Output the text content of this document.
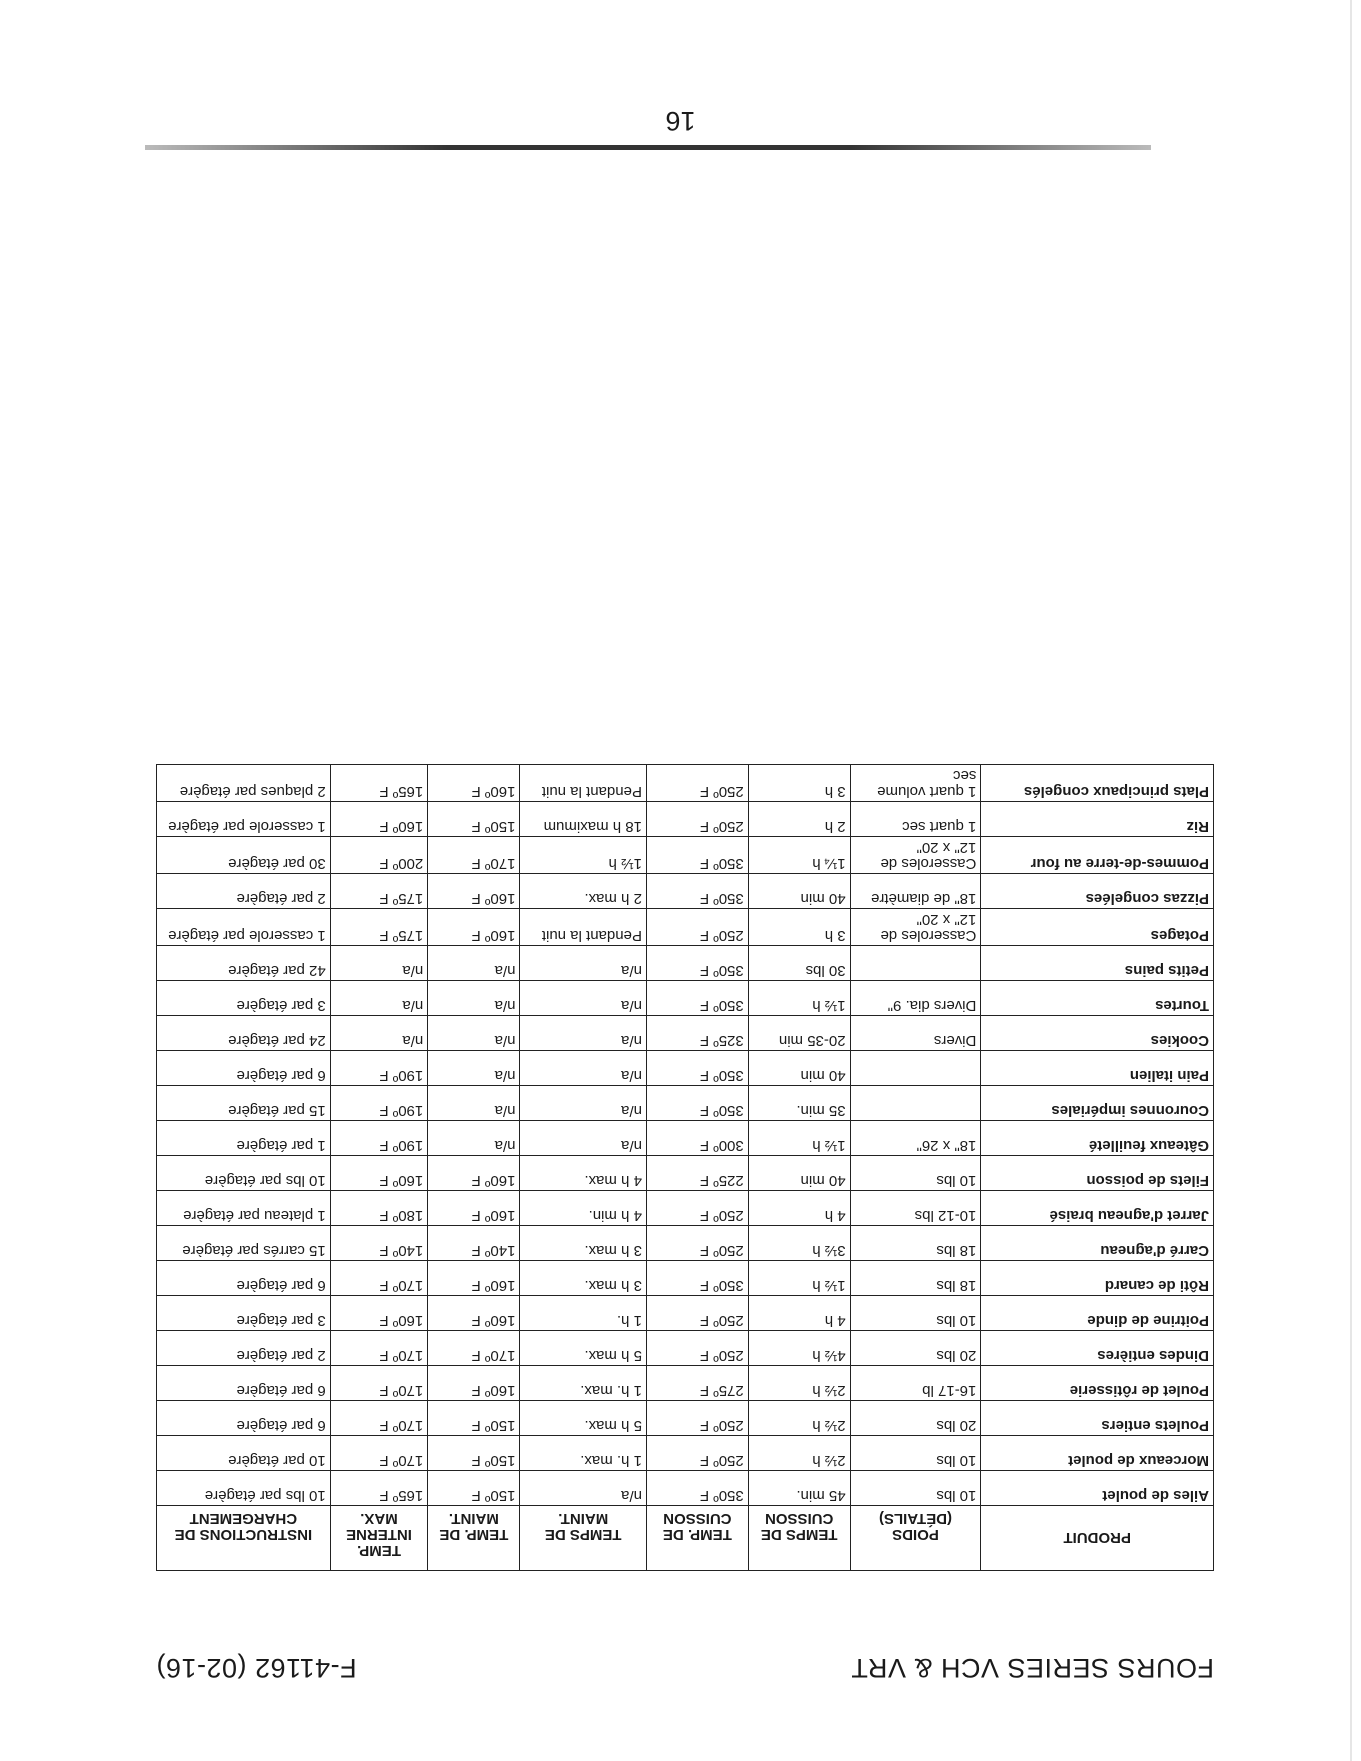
FOURS SERIES VCH & VRT
F-41162 (02-16)
PRODUIT	POIDS (DÉTAILS)	TEMPS DE CUISSON	TEMP. DE CUISSON	TEMPS DE MAINT.	TEMP. DE MAINT.	TEMP. INTERNE MAX.	INSTRUCTIONS DE CHARGEMENT
Ailes de poulet	10 lbs	45 min.	350º F	n/a	150º F	165º F	10 lbs par étagère
Morceaux de poulet	10 lbs	2½ h	250º F	1 h. max.	150º F	170º F	10 par étagère
Poulets entiers	20 lbs	2½ h	250º F	5 h max.	150º F	170º F	6 par étagère
Poulet de rôtisserie	16-17 lb	2½ h	275º F	1 h. max.	160º F	170º F	6 par étagère
Dindes entières	20 lbs	4½ h	250º F	5 h max.	170º F	170º F	2 par étagère
Poitrine de dinde	10 lbs	4 h	250º F	1 h.	160º F	160º F	3 par étagère
Rôti de canard	18 lbs	1½ h	350º F	3 h max.	160º F	170º F	6 par étagère
Carré d'agneau	18 lbs	3½ h	250º F	3 h max.	140º F	140º F	15 carrés par étagère
Jarret d'agneau braisé	10-12 lbs	4 h	250º F	4 h min.	160º F	180º F	1 plateau par étagère
Filets de poisson	10 lbs	40 min	225º F	4 h max.	160º F	160º F	10 lbs par étagère
Gâteaux feuilleté	18" x 26"	1½ h	300º F	n/a	n/a	190º F	1 par étagère
Couronnes impériales		35 min.	350º F	n/a	n/a	190º F	15 par étagère
Pain italien		40 min	350º F	n/a	n/a	190º F	6 par étagère
Cookies	Divers	20-35 min	325º F	n/a	n/a	n/a	24 par étagère
Tourtes	Divers dia. 9"	1½ h	350º F	n/a	n/a	n/a	3 par étagère
Petits pains		30 lbs	350º F	n/a	n/a	n/a	42 par étagère
Potages	Casseroles de 12" x 20"	3 h	250º F	Pendant la nuit	160º F	175º F	1 casserole par étagère
Pizzas congelées	18" de diamètre	40 min	350º F	2 h max.	160º F	175º F	2 par étagère
Pommes-de-terre au four	Casseroles de 12" x 20"	1¼ h	350º F	1½ h	170º F	200º F	30 par étagère
Riz	1 quart sec	2 h	250º F	18 h maximum	150º F	160º F	1 casserole par étagère
Plats principaux congelés	1 quart volume sec	3 h	250º F	Pendant la nuit	160º F	165º F	2 plaques par étagère
16
